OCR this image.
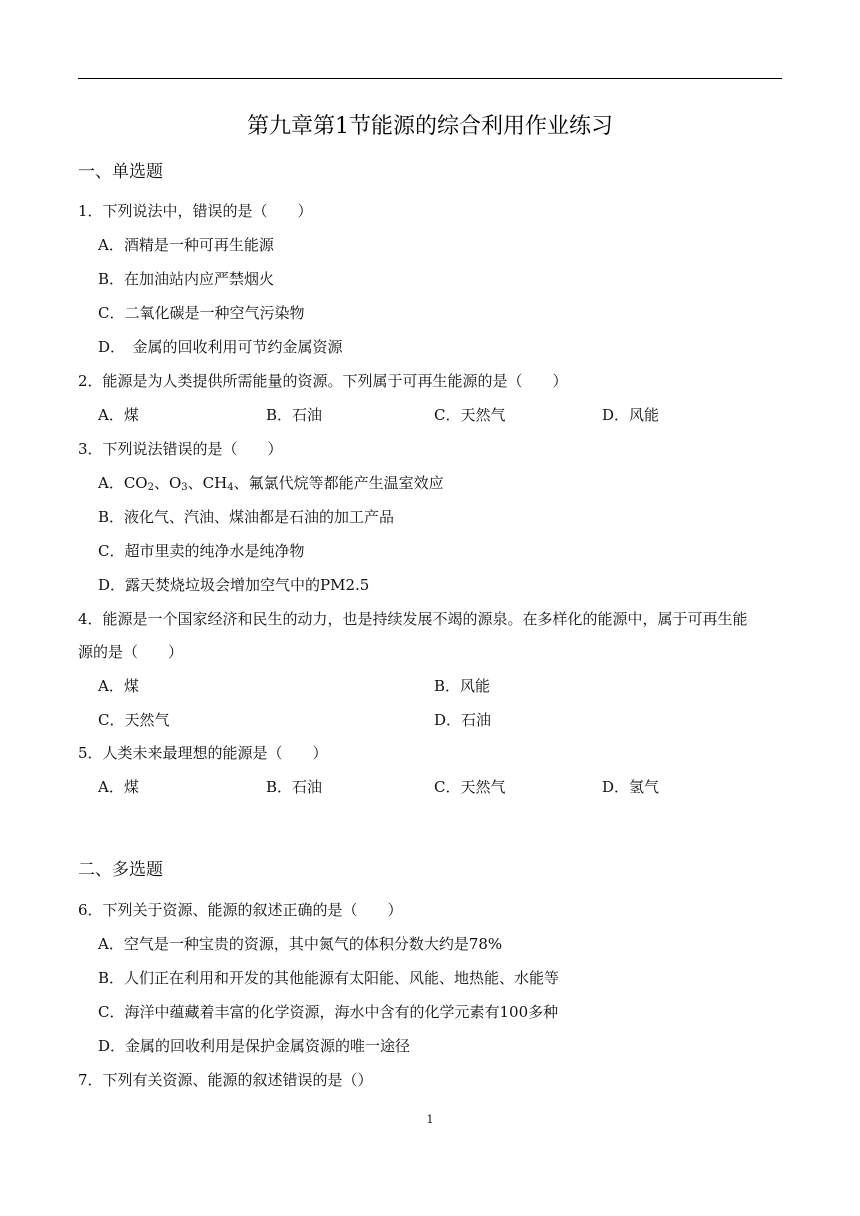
第九章第1节能源的综合利用作业练习
一、单选题
1．下列说法中，错误的是（　　）
A．酒精是一种可再生能源
B．在加油站内应严禁烟火
C．二氧化碳是一种空气污染物
D．　金属的回收利用可节约金属资源
2．能源是为人类提供所需能量的资源。下列属于可再生能源的是（　　）
A．煤	B．石油	C．天然气	D．风能
3．下列说法错误的是（　　）
A．$CO_2$、$O_3$、$CH_4$、氟氯代烷等都能产生温室效应
B．液化气、汽油、煤油都是石油的加工产品
C．超市里卖的纯净水是纯净物
D．露天焚烧垃圾会增加空气中的PM2.5
4．能源是一个国家经济和民生的动力，也是持续发展不竭的源泉。在多样化的能源中，属于可再生能
源的是（　　）
A．煤	B．风能
C．天然气	D．石油
5．人类未来最理想的能源是（　　）
A．煤	B．石油	C．天然气	D．氢气
二、多选题
6．下列关于资源、能源的叙述正确的是（　　）
A．空气是一种宝贵的资源，其中氮气的体积分数大约是78%
B．人们正在利用和开发的其他能源有太阳能、风能、地热能、水能等
C．海洋中蕴藏着丰富的化学资源，海水中含有的化学元素有100多种
D．金属的回收利用是保护金属资源的唯一途径
7．下列有关资源、能源的叙述错误的是（）
1
